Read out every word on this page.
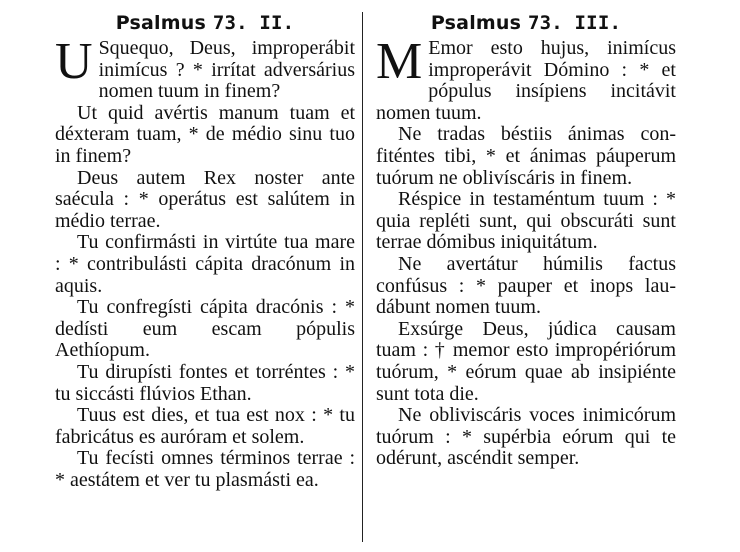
Psalmus 73. II.

U Squequo, Deus, improperábit inimícus ? * irrítat adversárius nomen tuum in finem?

Ut quid avértis manum tuam et déxteram tuam, * de médio sinu tuo in finem?

Deus autem Rex noster ante saécula : * operátus est salútem in médio terrae.

Tu confirmásti in virtúte tua mare : * contribulásti cápita dracónum in aquis.

Tu confregísti cápita dracónis : * dedísti eum escam pópulis Aethíopum.

Tu dirupísti fontes et torréntes : * tu siccásti flúvios Ethan.

Tuus est dies, et tua est nox : * tu fabricátus es auróram et solem.

Tu fecísti omnes términos terrae : * aestátem et ver tu plasmásti ea.

Psalmus 73. III.

M Emor esto hujus, inimícus improperávit Dómino : * et pópulus insípiens incitávit nomen tuum.

Ne tradas béstiis ánimas confiténtes tibi, * et ánimas páuperum tuórum ne oblivíscáris in finem.

Réspice in testaméntum tuum : * quia repléti sunt, qui obscuráti sunt terrae dómibus iniquitátum.

Ne avertátur húmilis factus confúsus : * pauper et inops laudábunt nomen tuum.

Exsúrge Deus, júdica causam tuam : † memor esto impropériórum tuórum, * eórum quae ab insipiénte sunt tota die.

Ne obliviscáris voces inimicórum tuórum : * supérbia eórum qui te odérunt, ascéndit semper.
